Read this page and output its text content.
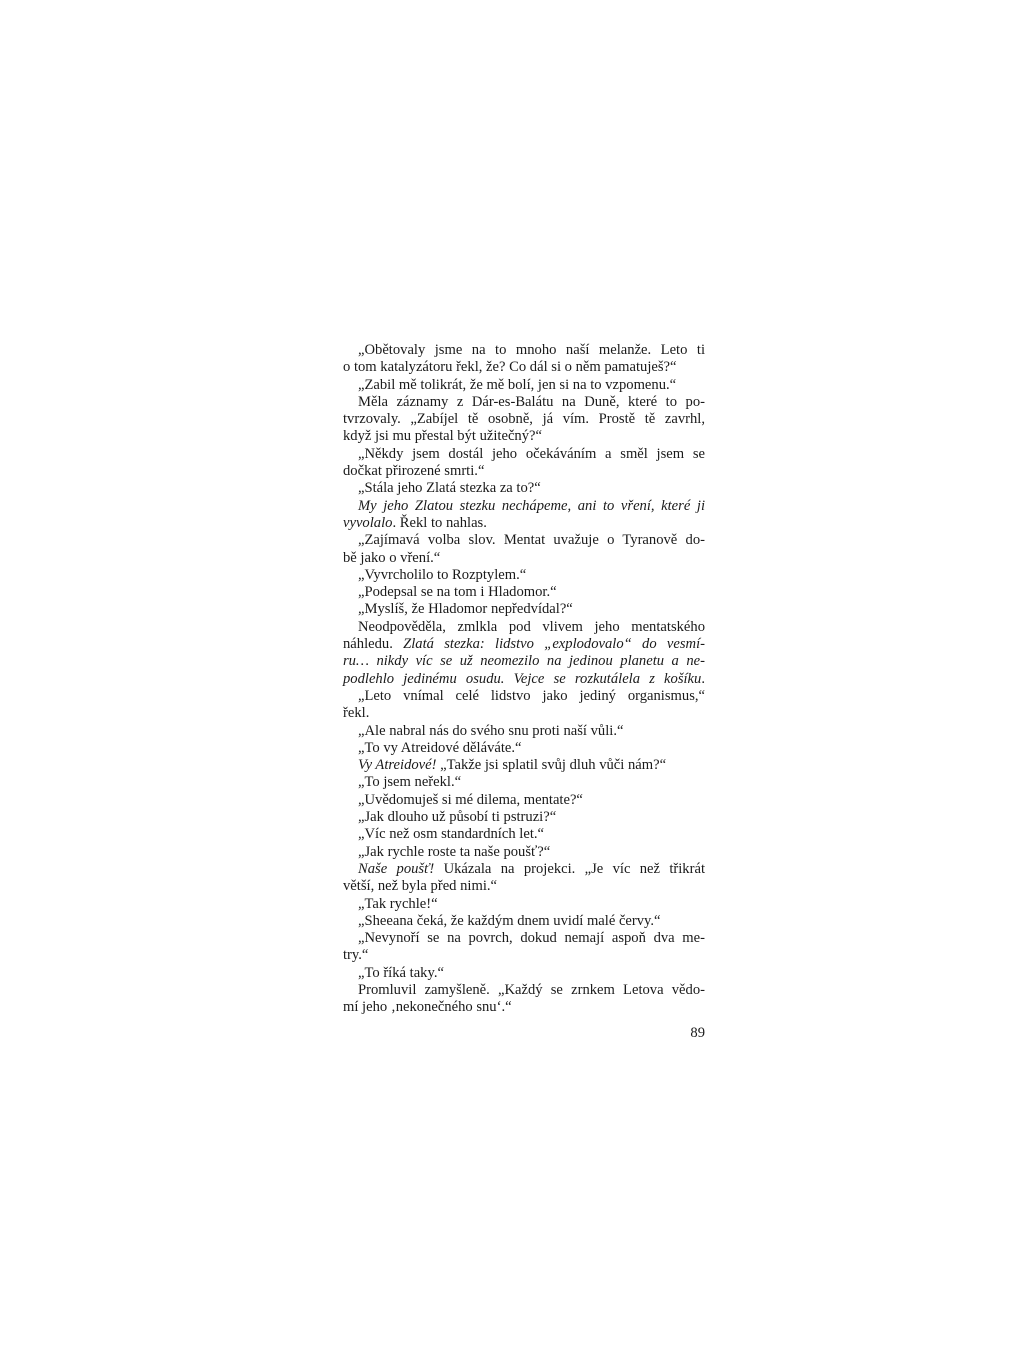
„Obětovaly jsme na to mnoho naší melanže. Leto ti
o tom katalyzátoru řekl, že? Co dál si o něm pamatuješ?“
„Zabil mě tolikrát, že mě bolí, jen si na to vzpomenu.“
Měla záznamy z Dár-es-Balátu na Duně, které to po-
tvrzovaly. „Zabíjel tě osobně, já vím. Prostě tě zavrhl,
když jsi mu přestal být užitečný?“
„Někdy jsem dostál jeho očekáváním a směl jsem se
dočkat přirozené smrti.“
„Stála jeho Zlatá stezka za to?“
My jeho Zlatou stezku nechápeme, ani to vření, které ji
vyvolalo. Řekl to nahlas.
„Zajímavá volba slov. Mentat uvažuje o Tyranově do-
bě jako o vření.“
„Vyvrcholilo to Rozptylem.“
„Podepsal se na tom i Hladomor.“
„Myslíš, že Hladomor nepředvídal?“
Neodpověděla, zmlkla pod vlivem jeho mentatského
náhledu. Zlatá stezka: lidstvo „explodovalo“ do vesmí-
ru… nikdy víc se už neomezilo na jedinou planetu a ne-
podlehlo jedinému osudu. Vejce se rozkutálela z košíku.
„Leto vnímal celé lidstvo jako jediný organismus,“
řekl.
„Ale nabral nás do svého snu proti naší vůli.“
„To vy Atreidové děláváte.“
Vy Atreidové! „Takže jsi splatil svůj dluh vůči nám?“
„To jsem neřekl.“
„Uvědomuješ si mé dilema, mentate?“
„Jak dlouho už působí ti pstruzi?“
„Víc než osm standardních let.“
„Jak rychle roste ta naše poušť?“
Naše poušť! Ukázala na projekci. „Je víc než třikrát
větší, než byla před nimi.“
„Tak rychle!“
„Sheeana čeká, že každým dnem uvidí malé červy.“
„Nevynoří se na povrch, dokud nemají aspoň dva me-
try.“
„To říká taky.“
Promluvil zamyšleně. „Každý se zrnkem Letova vědo-
mí jeho ‚nekonečného snu‘.“
89
